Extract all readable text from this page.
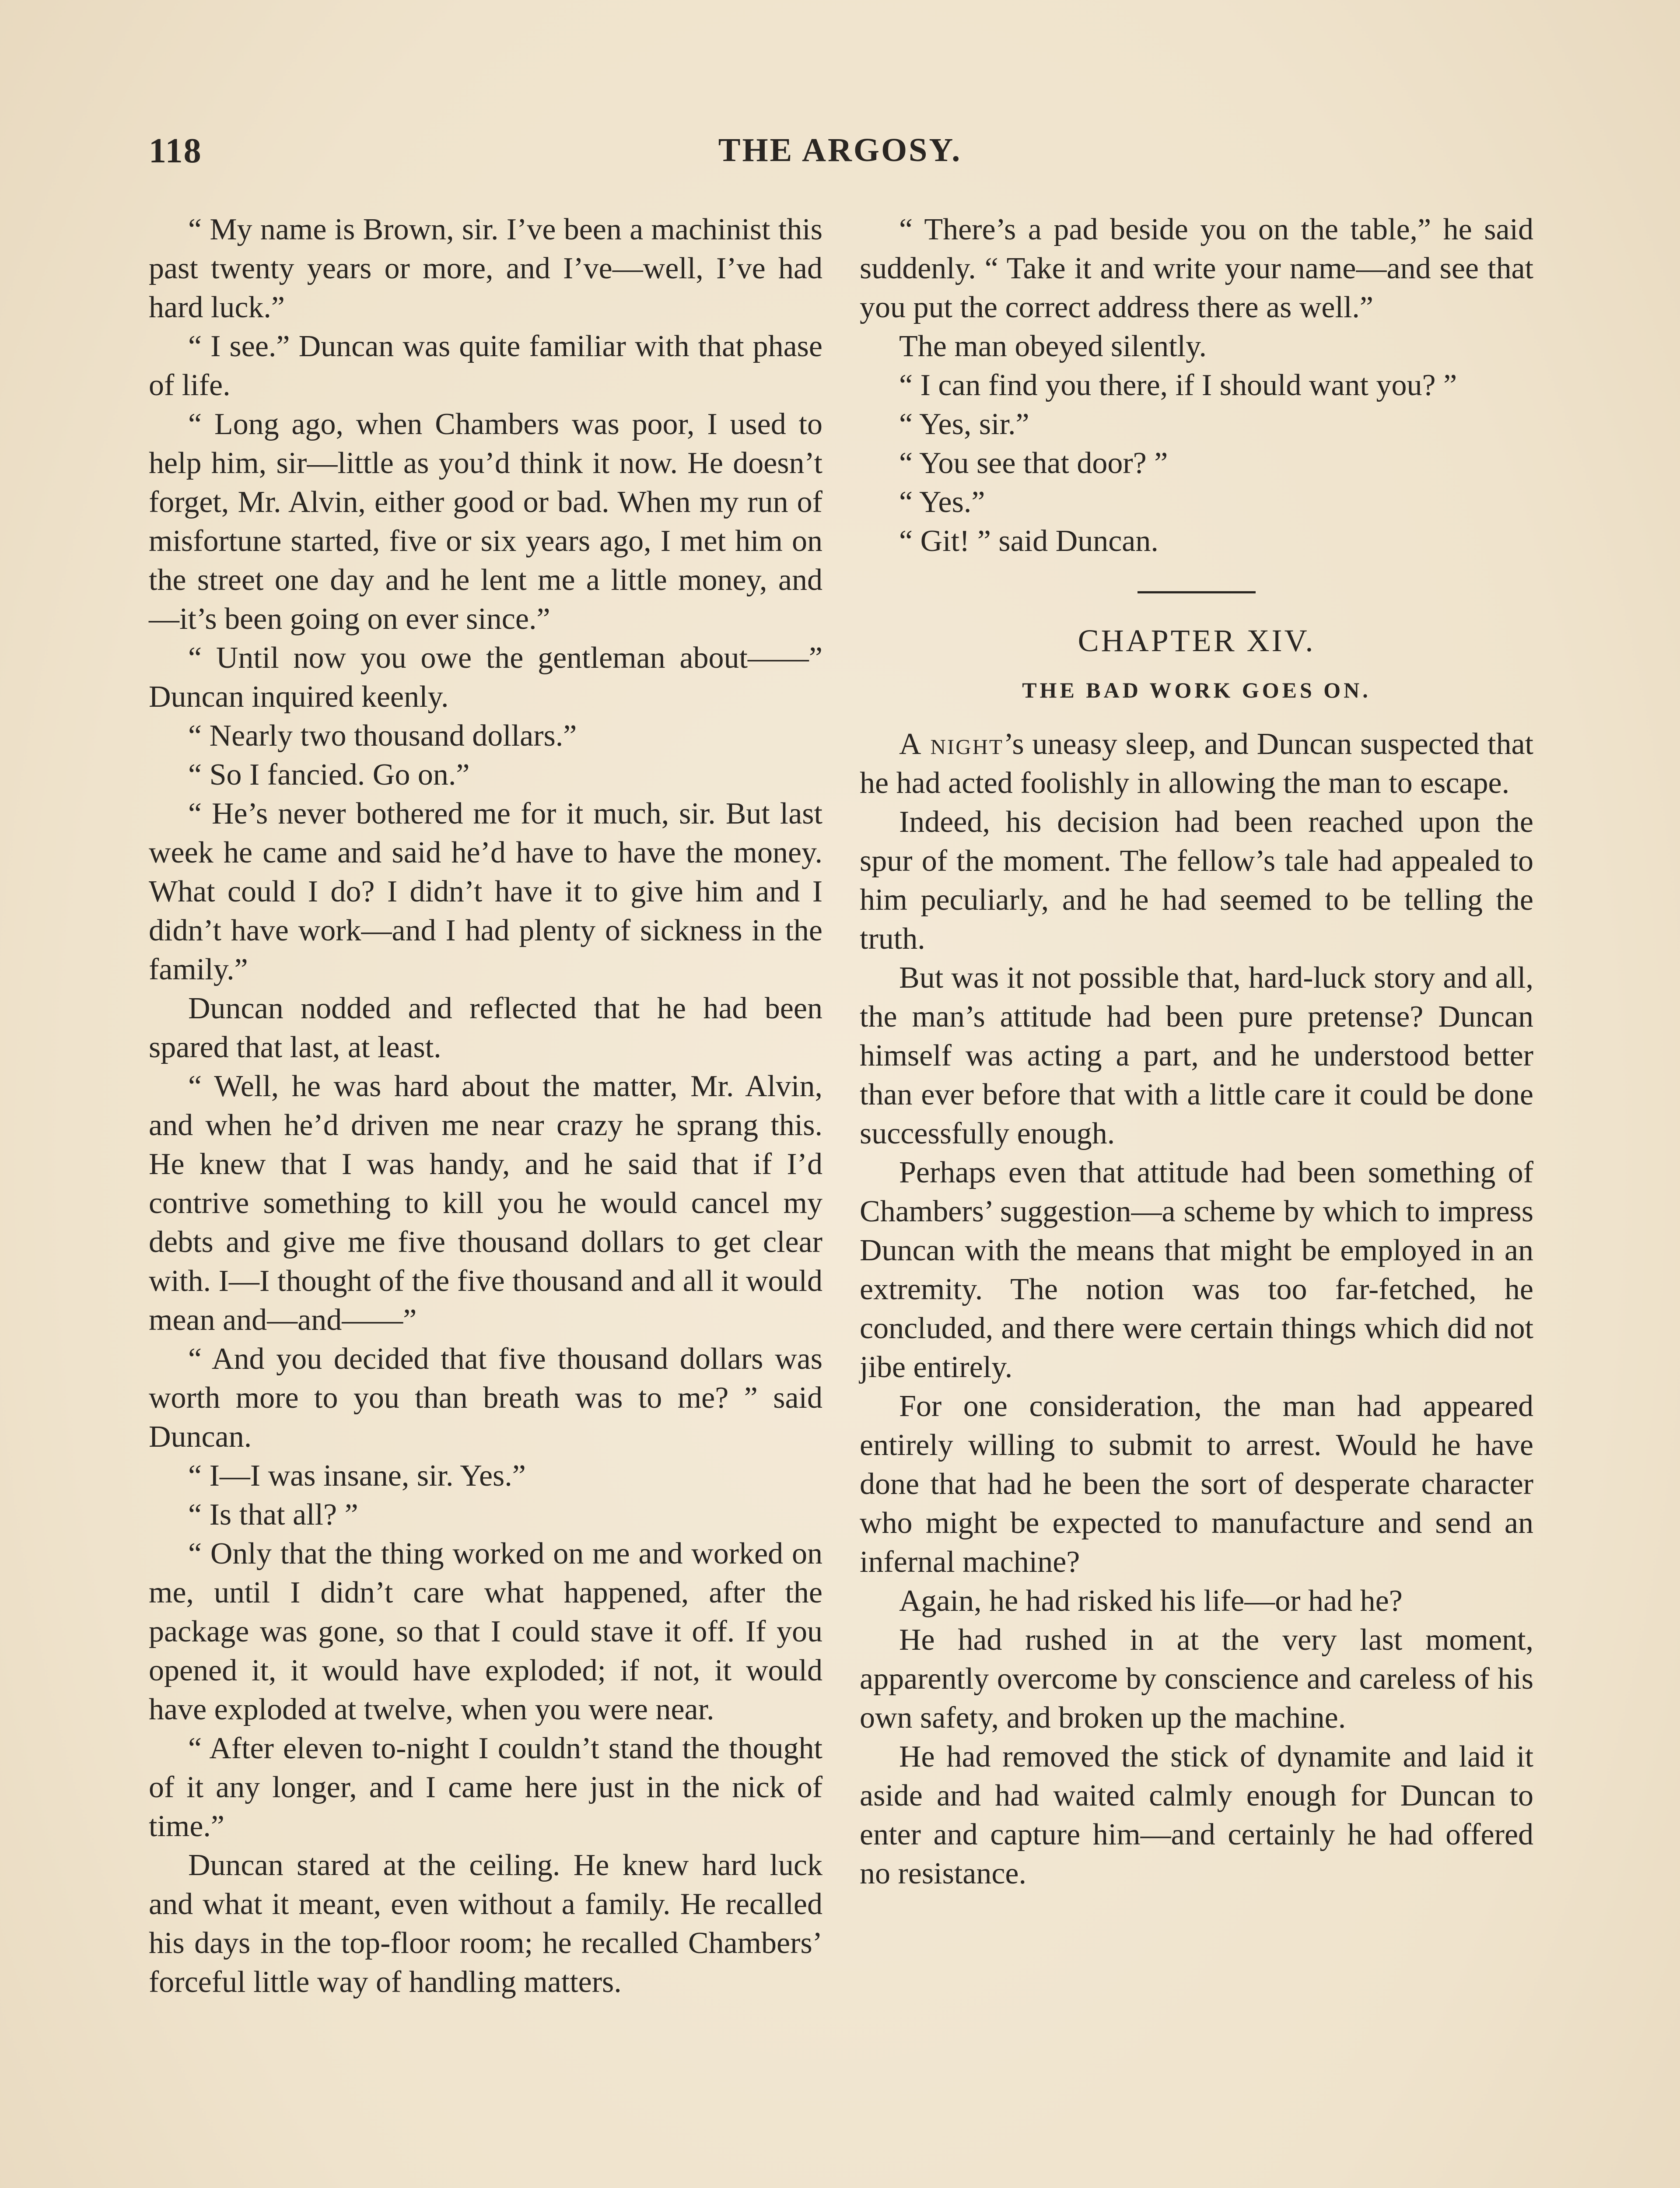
118	THE ARGOSY.

“ My name is Brown, sir. I’ve been a machinist this past twenty years or more, and I’ve—well, I’ve had hard luck.”

“ I see.” Duncan was quite familiar with that phase of life.

“ Long ago, when Chambers was poor, I used to help him, sir—little as you’d think it now. He doesn’t forget, Mr. Alvin, either good or bad. When my run of misfortune started, five or six years ago, I met him on the street one day and he lent me a little money, and —it’s been going on ever since.”

“ Until now you owe the gentleman about——” Duncan inquired keenly.

“ Nearly two thousand dollars.”

“ So I fancied. Go on.”

“ He’s never bothered me for it much, sir. But last week he came and said he’d have to have the money. What could I do? I didn’t have it to give him and I didn’t have work—and I had plenty of sickness in the family.”

Duncan nodded and reflected that he had been spared that last, at least.

“ Well, he was hard about the matter, Mr. Alvin, and when he’d driven me near crazy he sprang this. He knew that I was handy, and he said that if I’d contrive something to kill you he would cancel my debts and give me five thousand dollars to get clear with. I—I thought of the five thousand and all it would mean and—and——”

“ And you decided that five thousand dollars was worth more to you than breath was to me? ” said Duncan.

“ I—I was insane, sir. Yes.”

“ Is that all? ”

“ Only that the thing worked on me and worked on me, until I didn’t care what happened, after the package was gone, so that I could stave it off. If you opened it, it would have exploded; if not, it would have exploded at twelve, when you were near.

“ After eleven to-night I couldn’t stand the thought of it any longer, and I came here just in the nick of time.”

Duncan stared at the ceiling. He knew hard luck and what it meant, even without a family. He recalled his days in the top-floor room; he recalled Chambers’ forceful little way of handling matters.

“ There’s a pad beside you on the table,” he said suddenly. “ Take it and write your name—and see that you put the correct address there as well.”

The man obeyed silently.

“ I can find you there, if I should want you? ”

“ Yes, sir.”

“ You see that door? ”

“ Yes.”

“ Git! ” said Duncan.

CHAPTER XIV.
THE BAD WORK GOES ON.

A night’s uneasy sleep, and Duncan suspected that he had acted foolishly in allowing the man to escape.

Indeed, his decision had been reached upon the spur of the moment. The fellow’s tale had appealed to him peculiarly, and he had seemed to be telling the truth.

But was it not possible that, hard-luck story and all, the man’s attitude had been pure pretense? Duncan himself was acting a part, and he understood better than ever before that with a little care it could be done successfully enough.

Perhaps even that attitude had been something of Chambers’ suggestion—a scheme by which to impress Duncan with the means that might be employed in an extremity. The notion was too far-fetched, he concluded, and there were certain things which did not jibe entirely.

For one consideration, the man had appeared entirely willing to submit to arrest. Would he have done that had he been the sort of desperate character who might be expected to manufacture and send an infernal machine?

Again, he had risked his life—or had he?

He had rushed in at the very last moment, apparently overcome by conscience and careless of his own safety, and broken up the machine.

He had removed the stick of dynamite and laid it aside and had waited calmly enough for Duncan to enter and capture him—and certainly he had offered no resistance.
